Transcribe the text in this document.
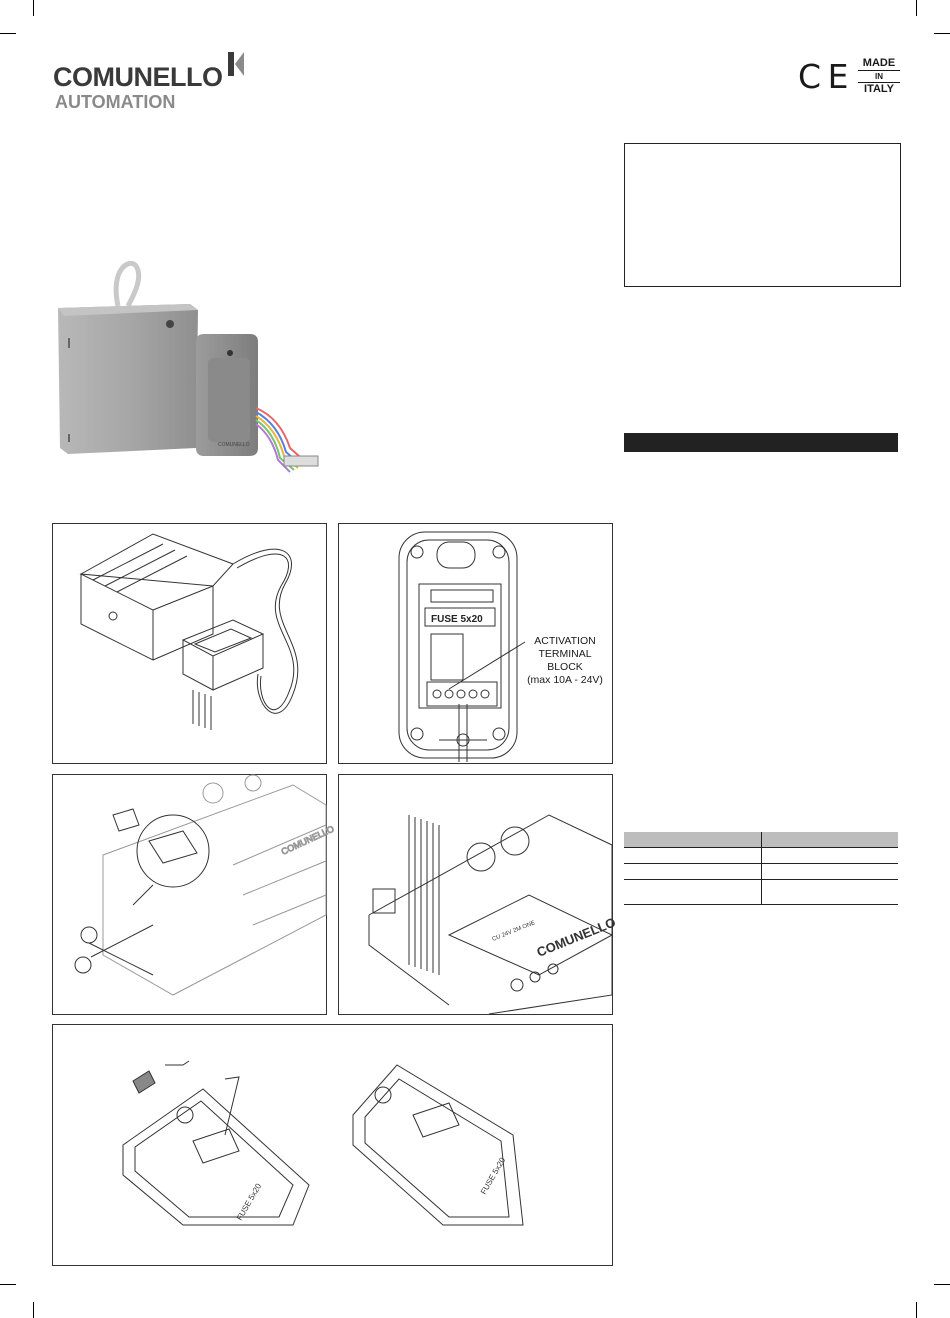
COMUNELLO
AUTOMATION
C E	MADE
IN
ITALY

COMUNELLO
FUSE 5x20
ACTIVATION
TERMINAL
BLOCK
(max 10A - 24V)
COMUNELLO
COMUNELLO
CU 24V 2M ONE
FUSE 5x20
FUSE 5x20
